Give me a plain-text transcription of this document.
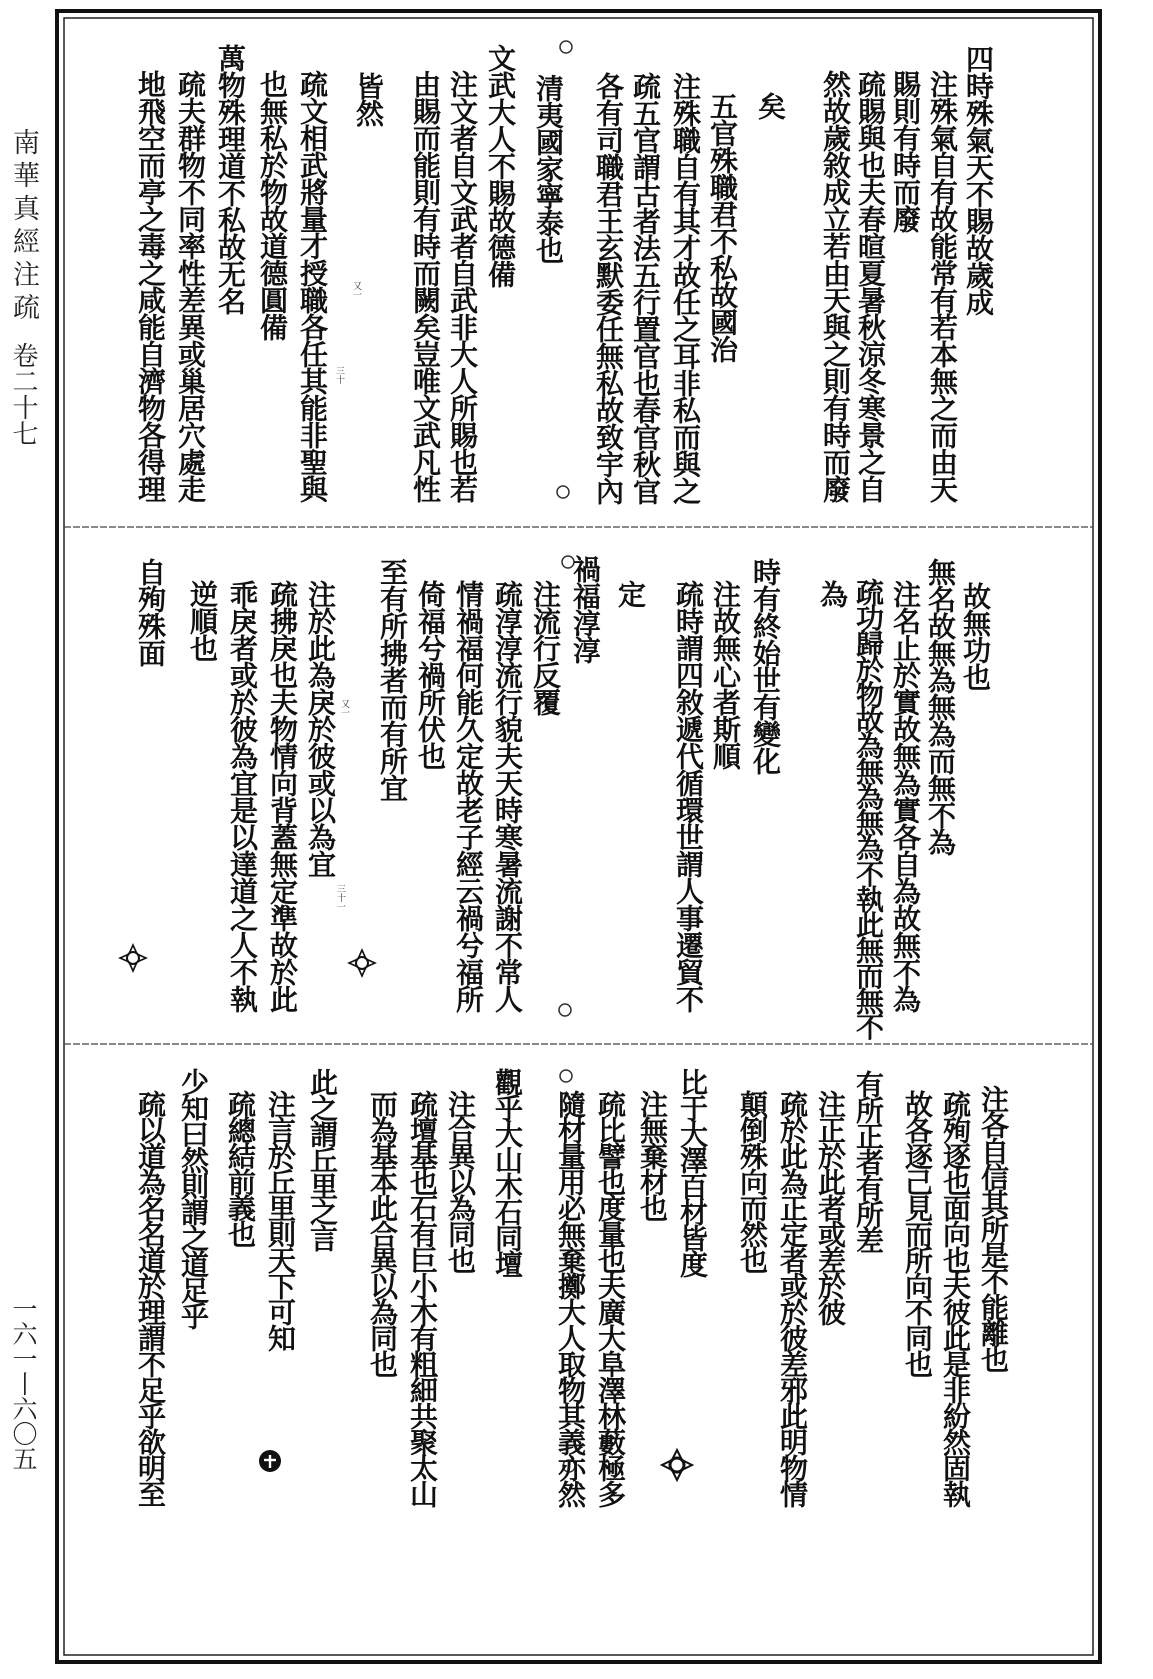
南華真經注疏
卷二十七
一六一丨六〇五
四時殊氣天不賜故歲成
注殊氣自有故能常有若本無之而由天
賜則有時而廢
疏賜與也夫春暄夏暑秋涼冬寒景之自
然故歲敘成立若由天與之則有時而廢
矣
五官殊職君不私故國治
注殊職自有其才故任之耳非私而與之
疏五官謂古者法五行置官也春官秋官
各有司職君王玄默委任無私故致宇內
清夷國家寧泰也
文武大人不賜故德備
注文者自文武者自武非大人所賜也若
由賜而能則有時而闕矣豈唯文武凡性
皆然
疏文相武將量才授職各任其能非聖與
也無私於物故道德圓備
萬物殊理道不私故无名
疏夫群物不同率性差異或巢居穴處走
地飛空而亭之毒之咸能自濟物各得理
故無功也
無名故無為無為而無不為
注名止於實故無為實各自為故無不為
疏功歸於物故為無為無為不執此無而無不
為
時有終始世有變化
注故無心者斯順
疏時謂四敘遞代循環世謂人事遷貿不
定
禍福淳淳
注流行反覆
疏淳淳流行貌夫天時寒暑流謝不常人
情禍福何能久定故老子經云禍兮福所
倚福兮禍所伏也
至有所拂者而有所宜
注於此為戾於彼或以為宜
疏拂戾也夫物情向背蓋無定準故於此
乖戾者或於彼為宜是以達道之人不執
逆順也
自殉殊面
注各自信其所是不能離也
疏殉逐也面向也夫彼此是非紛然固執
故各逐己見而所向不同也
有所正者有所差
注正於此者或差於彼
疏於此為正定者或於彼差邪此明物情
顛倒殊向而然也
比于大澤百材皆度
注無棄材也
疏比譬也度量也夫廣大阜澤林藪極多
隨材量用必無棄擲大人取物其義亦然
觀乎大山木石同壇
注合異以為同也
疏壇基也石有巨小木有粗細共聚太山
而為基本此合異以為同也
此之謂丘里之言
注言於丘里則天下可知
疏總結前義也
少知曰然則謂之道足乎
疏以道為名名道於理謂不足乎欲明至
又一
三十
又一
三十一
